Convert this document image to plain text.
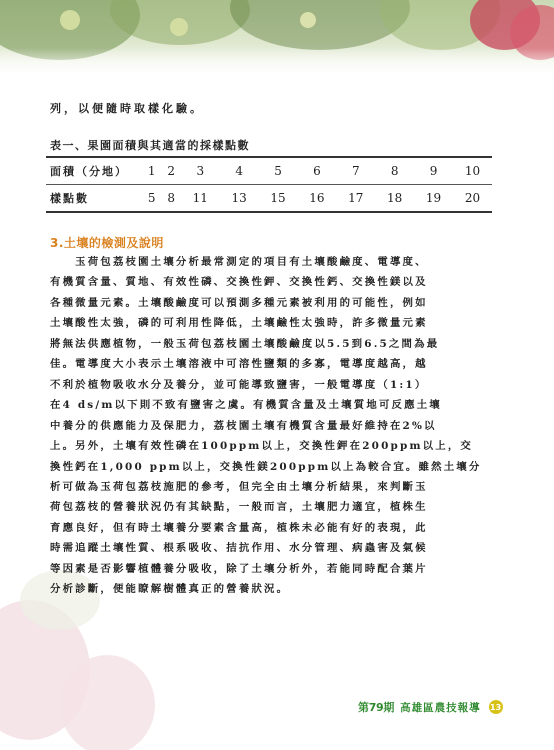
列，以便隨時取樣化驗。
表一、果園面積與其適當的採樣點數
面積（分地）	1	2	3	4	5	6	7	8	9	10
樣點數	5	8	11	13	15	16	17	18	19	20
3.土壤的檢測及說明
　　玉荷包荔枝園土壤分析最常測定的項目有土壤酸鹼度、電導度、
有機質含量、質地、有效性磷、交換性鉀、交換性鈣、交換性鎂以及
各種微量元素。土壤酸鹼度可以預測多種元素被利用的可能性，例如
土壤酸性太強，磷的可利用性降低，土壤鹼性太強時，許多微量元素
將無法供應植物，一般玉荷包荔枝園土壤酸鹼度以5.5到6.5之間為最
佳。電導度大小表示土壤溶液中可溶性鹽類的多寡，電導度越高，越
不利於植物吸收水分及養分，並可能導致鹽害，一般電導度（1:1）
在4 ds/m以下則不致有鹽害之虞。有機質含量及土壤質地可反應土壤
中養分的供應能力及保肥力，荔枝園土壤有機質含量最好維持在2%以
上。另外，土壤有效性磷在100ppm以上，交換性鉀在200ppm以上，交
換性鈣在1,000 ppm以上，交換性鎂200ppm以上為較合宜。雖然土壤分
析可做為玉荷包荔枝施肥的參考，但完全由土壤分析結果，來判斷玉
荷包荔枝的營養狀況仍有其缺點，一般而言，土壤肥力適宜，植株生
育應良好，但有時土壤養分要素含量高，植株未必能有好的表現，此
時需追蹤土壤性質、根系吸收、拮抗作用、水分管理、病蟲害及氣候
等因素是否影響植體養分吸收，除了土壤分析外，若能同時配合葉片
分析診斷，便能瞭解樹體真正的營養狀況。
第79期 高雄區農技報導 13
